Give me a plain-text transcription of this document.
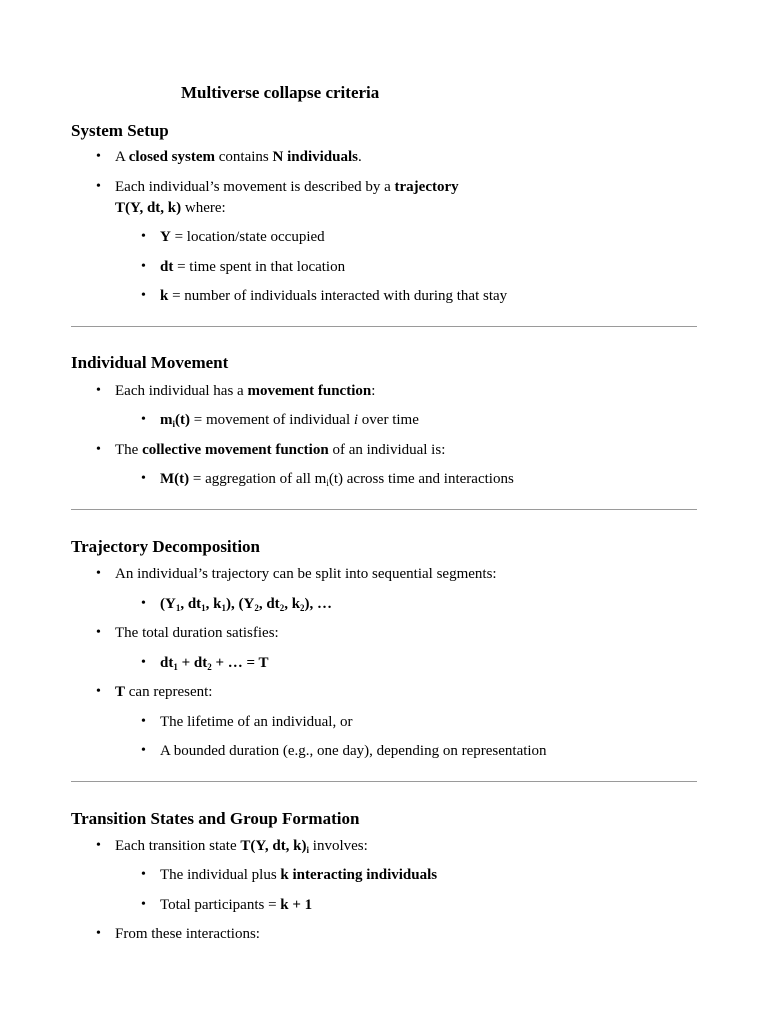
Multiverse collapse criteria
System Setup
• A closed system contains N individuals.
• Each individual’s movement is described by a trajectory
T(Y, dt, k) where:
• Y = location/state occupied
• dt = time spent in that location
• k = number of individuals interacted with during that stay
Individual Movement
• Each individual has a movement function:
• $m_i(t)$ = movement of individual i over time
• The collective movement function of an individual is:
• M(t) = aggregation of all $m_i(t)$ across time and interactions
Trajectory Decomposition
• An individual’s trajectory can be split into sequential segments:
• ($Y_1$, $dt_1$, $k_1$), ($Y_2$, $dt_2$, $k_2$), …
• The total duration satisfies:
• $dt_1 + dt_2$ + … = T
• T can represent:
• The lifetime of an individual, or
• A bounded duration (e.g., one day), depending on representation
Transition States and Group Formation
• Each transition state T(Y, dt, $k)_i$ involves:
• The individual plus k interacting individuals
• Total participants = k + 1
• From these interactions:
